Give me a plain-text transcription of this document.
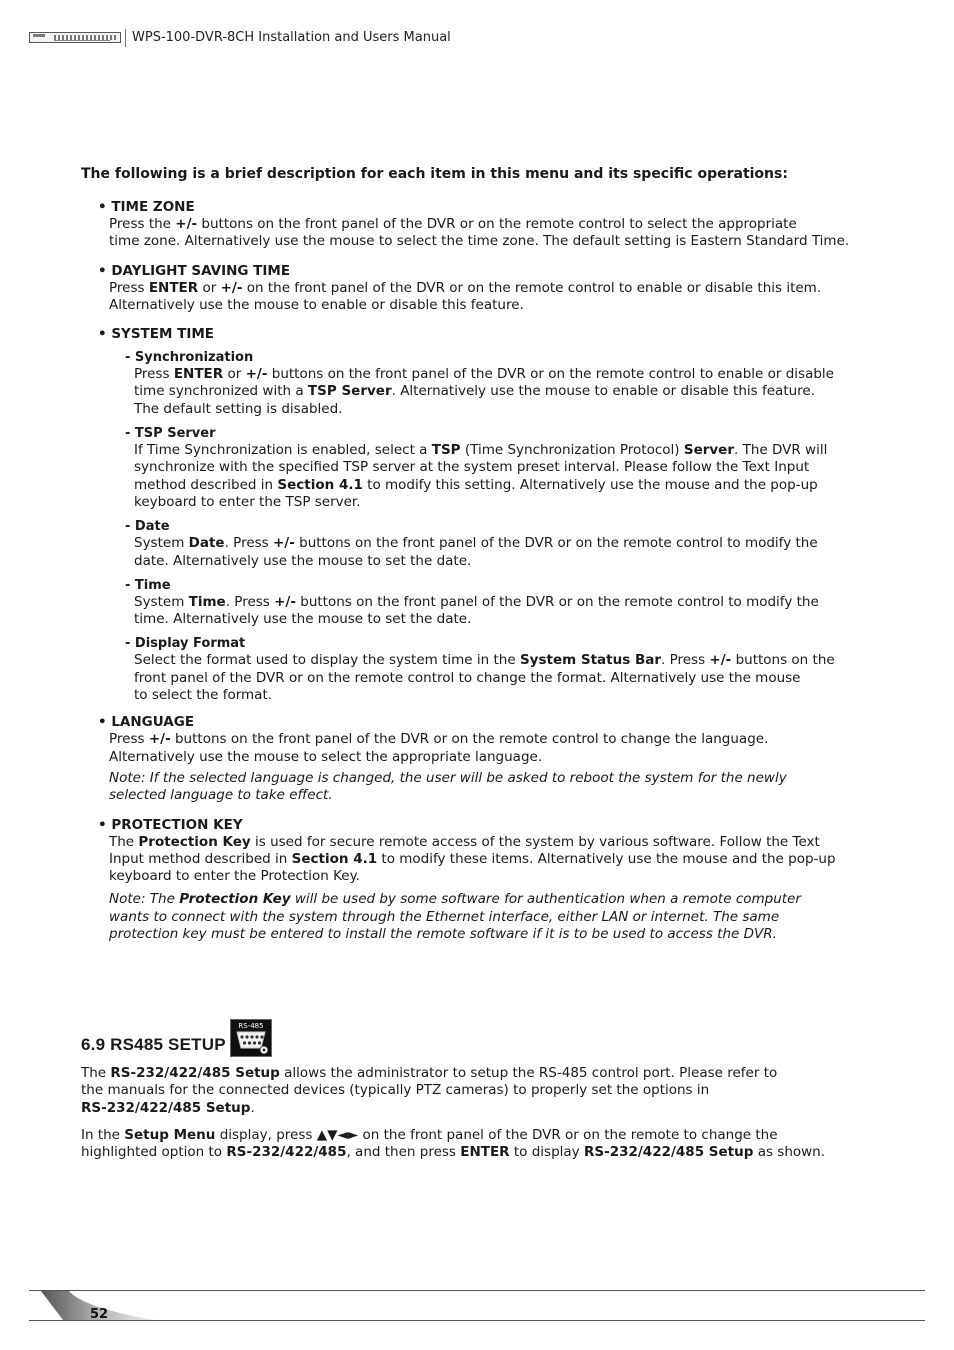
WPS-100-DVR-8CH Installation and Users Manual

The following is a brief description for each item in this menu and its specific operations:

• TIME ZONE
Press the +/- buttons on the front panel of the DVR or on the remote control to select the appropriate
time zone. Alternatively use the mouse to select the time zone. The default setting is Eastern Standard Time.
• DAYLIGHT SAVING TIME
Press ENTER or +/- on the front panel of the DVR or on the remote control to enable or disable this item.
Alternatively use the mouse to enable or disable this feature.
• SYSTEM TIME
- Synchronization
Press ENTER or +/- buttons on the front panel of the DVR or on the remote control to enable or disable
time synchronized with a TSP Server. Alternatively use the mouse to enable or disable this feature.
The default setting is disabled.
- TSP Server
If Time Synchronization is enabled, select a TSP (Time Synchronization Protocol) Server. The DVR will
synchronize with the specified TSP server at the system preset interval. Please follow the Text Input
method described in Section 4.1 to modify this setting. Alternatively use the mouse and the pop-up
keyboard to enter the TSP server.
- Date
System Date. Press +/- buttons on the front panel of the DVR or on the remote control to modify the
date. Alternatively use the mouse to set the date.
- Time
System Time. Press +/- buttons on the front panel of the DVR or on the remote control to modify the
time. Alternatively use the mouse to set the date.
- Display Format
Select the format used to display the system time in the System Status Bar. Press +/- buttons on the
front panel of the DVR or on the remote control to change the format. Alternatively use the mouse
to select the format.
• LANGUAGE
Press +/- buttons on the front panel of the DVR or on the remote control to change the language.
Alternatively use the mouse to select the appropriate language.
Note: If the selected language is changed, the user will be asked to reboot the system for the newly
selected language to take effect.
• PROTECTION KEY
The Protection Key is used for secure remote access of the system by various software. Follow the Text
Input method described in Section 4.1 to modify these items. Alternatively use the mouse and the pop-up
keyboard to enter the Protection Key.
Note: The Protection Key will be used by some software for authentication when a remote computer
wants to connect with the system through the Ethernet interface, either LAN or internet. The same
protection key must be entered to install the remote software if it is to be used to access the DVR.
6.9 RS485 SETUP
RS-485

The RS-232/422/485 Setup allows the administrator to setup the RS-485 control port. Please refer to
the manuals for the connected devices (typically PTZ cameras) to properly set the options in
RS-232/422/485 Setup.

In the Setup Menu display, press ▲▼◄► on the front panel of the DVR or on the remote to change the
highlighted option to RS-232/422/485, and then press ENTER to display RS-232/422/485 Setup as shown.

52
